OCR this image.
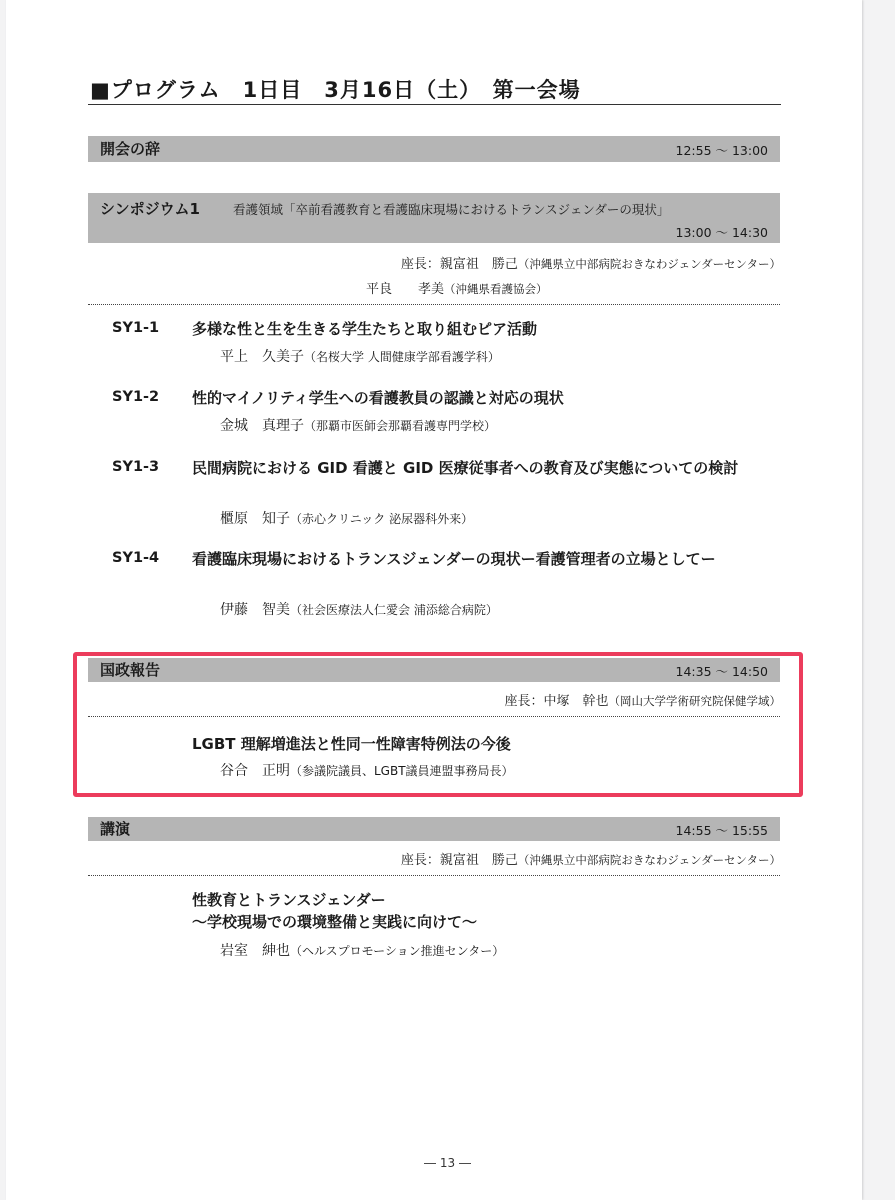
■プログラム　1日目　3月16日（土）　第一会場
開会の辞	12:55 ～ 13:00
シンポジウム1	看護領域「卒前看護教育と看護臨床現場におけるトランスジェンダーの現状」
13:00 ～ 14:30
座長：親富祖　勝己（沖縄県立中部病院おきなわジェンダーセンター）
平良　　孝美（沖縄県看護協会）
SY1-1 多様な性と生を生きる学生たちと取り組むピア活動
平上　久美子（名桜大学 人間健康学部看護学科）
SY1-2 性的マイノリティ学生への看護教員の認識と対応の現状
金城　真理子（那覇市医師会那覇看護専門学校）
SY1-3 民間病院における GID 看護と GID 医療従事者への教育及び実態についての検討
櫃原　知子（赤心クリニック 泌尿器科外来）
SY1-4 看護臨床現場におけるトランスジェンダーの現状ー看護管理者の立場としてー
伊藤　智美（社会医療法人仁愛会 浦添総合病院）
国政報告	14:35 ～ 14:50
座長：中塚　幹也（岡山大学学術研究院保健学域）
LGBT 理解増進法と性同一性障害特例法の今後
谷合　正明（参議院議員、LGBT議員連盟事務局長）
講演	14:55 ～ 15:55
座長：親富祖　勝己（沖縄県立中部病院おきなわジェンダーセンター）
性教育とトランスジェンダー
～学校現場での環境整備と実践に向けて～
岩室　紳也（ヘルスプロモーション推進センター）
― 13 ―
